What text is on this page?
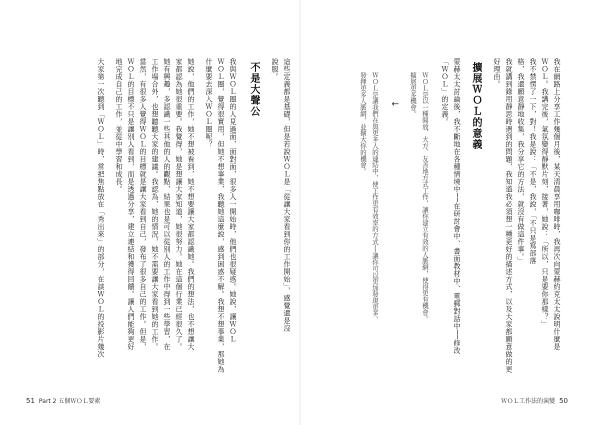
我在網路上分享工作幾個月後，某天清晨享用咖啡時，我再次向蒙赫約克太太說明什麼是
ＷＯＬ。我講完後，氣氛變得靜默片刻，接著，她說：「所以，只是要你那樣？」
我不禁愣了一下，對！我是說：「不是，我說，「不只是寫部落
格，我還願意靜地收集，我分享它的方法，就沒有做這件事。」
我就講到錄用靜思時遇到的問題，我知道我必須想一種更好的描述方式，以及大家都願意做的更
好理由。
擴展ＷＯＬ的意義
蒙赫太太討論後，我不斷地在各種情境中──在研討會中、書面教材中、電郵對話中──修改
「ＷＯＬ」的定義。
ＷＯＬ是以一種開放、大方、友善地方式工作，讓你建立有效的人脈網，使得更有機會。
擴展更多機會。
↓
ＷＯＬ是讓我們在與更多人的連結中，使工作更有效率的方式──讓你可以更加發現更多、
發揮更多人脈網，並擴大你的機會。
ＷＯＬ工作法的演變 50
這些定義都是基礎，但是若說ＷＯＬ是「從讓大家看到你的工作開始」，感覺還是沒
說服。
不是大聲公
我與ＷＯＬ圈的人見過面，面對面，很多人一開始時，他們也很疑惑。她說，讓ＷＯＬ
ＷＯＬ圈，覺得很實用，但她不想事業，我聽她這麼說，感到困惑不解。我想不想事業，那她為
什麼要去深入ＷＯＬ圈呢？
她說，他們的工作，她不想被看到，她不想要讓大家都認識她。我們的想法，也不想讓大
家都認為她很重要。我覺得，她是想讓大家知道，她很努力。她在這個行業已經很久了。
她有興趣，多認識一些其他的人的觀點，結果也是可以從別人的工作中得到一些學習，在
工作場合外，也想聽聽大家的建議。我認為，她的情況，她不需要讓大家看到她的工作。
當然，有很多人覺得ＷＯＬ的目標就是讓大家看到自己，發布了很多自己的工作。但是，
ＷＯＬ的目標不只是讓別人看到，而是透過分享，建立連結和獲得回饋。讓人們能夠更好
地完成自己的工作，並從中學習和成長。
大家第一次聽到「ＷＯＬ」時，常把焦點放在「秀出來」的部分，在談ＷＯＬ的投影片幾次
51 Part 2 五個ＷＯＬ要素
